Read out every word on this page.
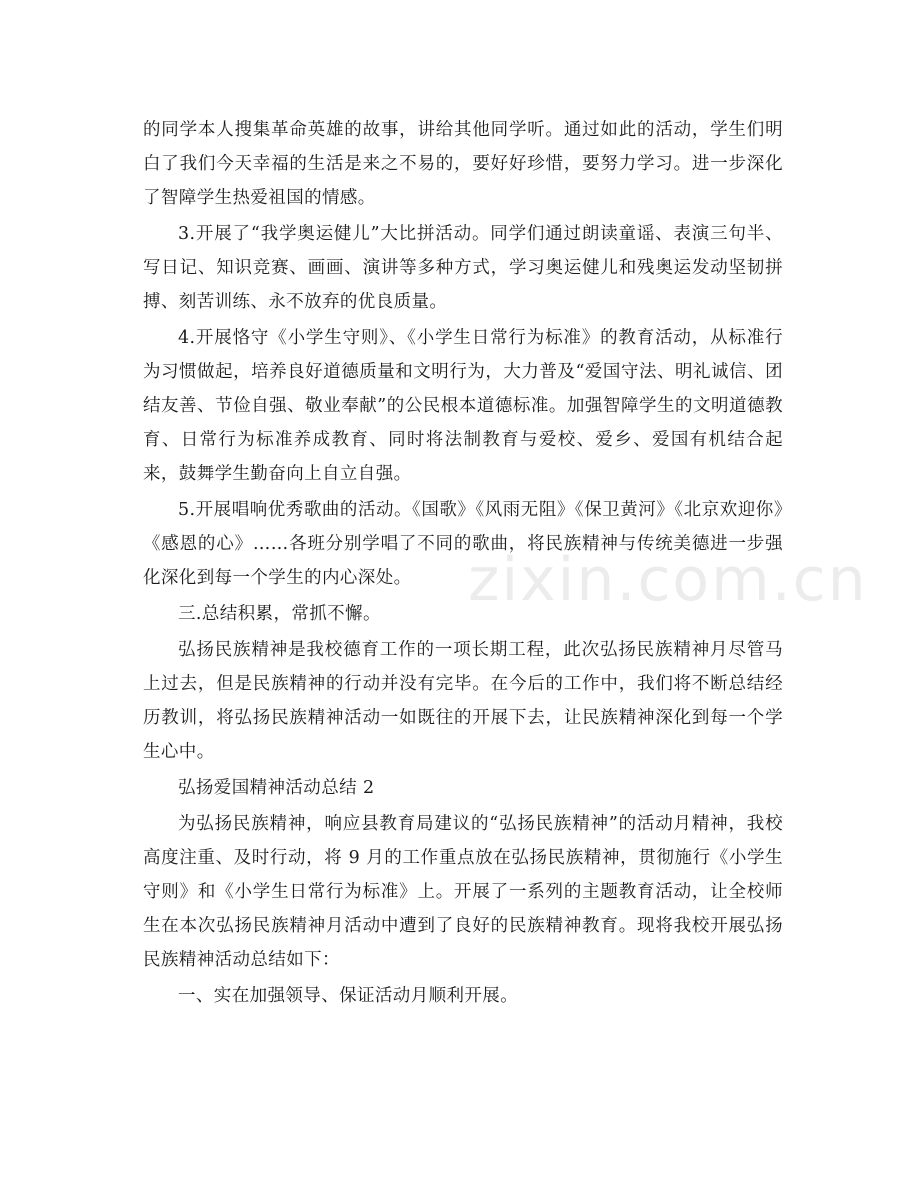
的同学本人搜集革命英雄的故事，讲给其他同学听。通过如此的活动，学生们明白了我们今天幸福的生活是来之不易的，要好好珍惜，要努力学习。进一步深化了智障学生热爱祖国的情感。

3.开展了“我学奥运健儿”大比拼活动。同学们通过朗读童谣、表演三句半、写日记、知识竞赛、画画、演讲等多种方式，学习奥运健儿和残奥运发动坚韧拼搏、刻苦训练、永不放弃的优良质量。

4.开展恪守《小学生守则》、《小学生日常行为标准》的教育活动，从标准行为习惯做起，培养良好道德质量和文明行为，大力普及“爱国守法、明礼诚信、团结友善、节俭自强、敬业奉献”的公民根本道德标准。加强智障学生的文明道德教育、日常行为标准养成教育、同时将法制教育与爱校、爱乡、爱国有机结合起来，鼓舞学生勤奋向上自立自强。

5.开展唱响优秀歌曲的活动。《国歌》《风雨无阻》《保卫黄河》《北京欢迎你》《感恩的心》……各班分别学唱了不同的歌曲，将民族精神与传统美德进一步强化深化到每一个学生的内心深处。

三.总结积累，常抓不懈。

弘扬民族精神是我校德育工作的一项长期工程，此次弘扬民族精神月尽管马上过去，但是民族精神的行动并没有完毕。在今后的工作中，我们将不断总结经历教训，将弘扬民族精神活动一如既往的开展下去，让民族精神深化到每一个学生心中。

弘扬爱国精神活动总结 2

为弘扬民族精神，响应县教育局建议的“弘扬民族精神”的活动月精神，我校高度注重、及时行动，将 9 月的工作重点放在弘扬民族精神，贯彻施行《小学生守则》和《小学生日常行为标准》上。开展了一系列的主题教育活动，让全校师生在本次弘扬民族精神月活动中遭到了良好的民族精神教育。现将我校开展弘扬民族精神活动总结如下：

一、实在加强领导、保证活动月顺利开展。

zixin.com.cn
